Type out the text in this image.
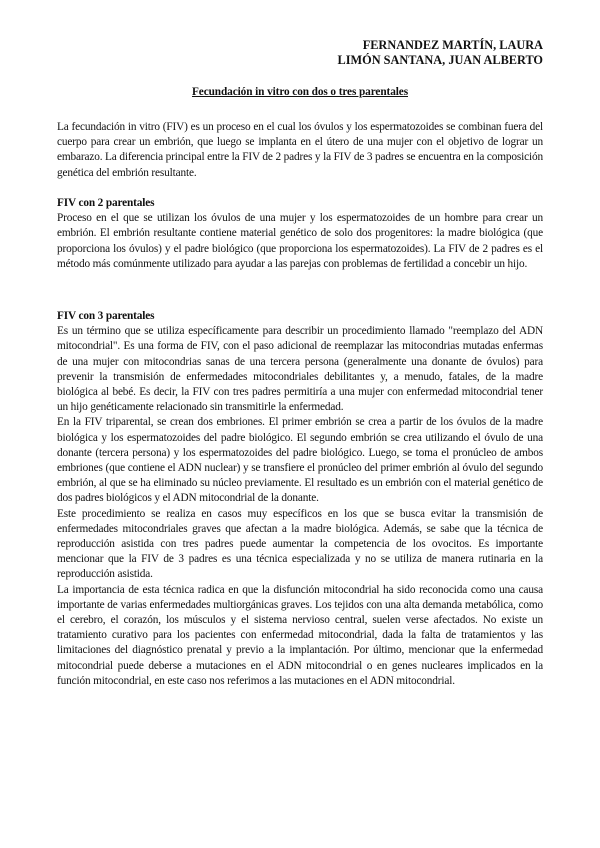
FERNANDEZ MARTÍN, LAURA
LIMÓN SANTANA, JUAN ALBERTO
Fecundación in vitro con dos o tres parentales

La fecundación in vitro (FIV) es un proceso en el cual los óvulos y los espermatozoides se combinan fuera del cuerpo para crear un embrión, que luego se implanta en el útero de una mujer con el objetivo de lograr un embarazo. La diferencia principal entre la FIV de 2 padres y la FIV de 3 padres se encuentra en la composición genética del embrión resultante.

FIV con 2 parentales

Proceso en el que se utilizan los óvulos de una mujer y los espermatozoides de un hombre para crear un embrión. El embrión resultante contiene material genético de solo dos progenitores: la madre biológica (que proporciona los óvulos) y el padre biológico (que proporciona los espermatozoides). La FIV de 2 padres es el método más comúnmente utilizado para ayudar a las parejas con problemas de fertilidad a concebir un hijo.

FIV con 3 parentales

Es un término que se utiliza específicamente para describir un procedimiento llamado "reemplazo del ADN mitocondrial". Es una forma de FIV, con el paso adicional de reemplazar las mitocondrias mutadas enfermas de una mujer con mitocondrias sanas de una tercera persona (generalmente una donante de óvulos) para prevenir la transmisión de enfermedades mitocondriales debilitantes y, a menudo, fatales, de la madre biológica al bebé. Es decir, la FIV con tres padres permitiría a una mujer con enfermedad mitocondrial tener un hijo genéticamente relacionado sin transmitirle la enfermedad.

En la FIV triparental, se crean dos embriones. El primer embrión se crea a partir de los óvulos de la madre biológica y los espermatozoides del padre biológico. El segundo embrión se crea utilizando el óvulo de una donante (tercera persona) y los espermatozoides del padre biológico. Luego, se toma el pronúcleo de ambos embriones (que contiene el ADN nuclear) y se transfiere el pronúcleo del primer embrión al óvulo del segundo embrión, al que se ha eliminado su núcleo previamente. El resultado es un embrión con el material genético de dos padres biológicos y el ADN mitocondrial de la donante.

Este procedimiento se realiza en casos muy específicos en los que se busca evitar la transmisión de enfermedades mitocondriales graves que afectan a la madre biológica. Además, se sabe que la técnica de reproducción asistida con tres padres puede aumentar la competencia de los ovocitos. Es importante mencionar que la FIV de 3 padres es una técnica especializada y no se utiliza de manera rutinaria en la reproducción asistida.

La importancia de esta técnica radica en que la disfunción mitocondrial ha sido reconocida como una causa importante de varias enfermedades multiorgánicas graves. Los tejidos con una alta demanda metabólica, como el cerebro, el corazón, los músculos y el sistema nervioso central, suelen verse afectados. No existe un tratamiento curativo para los pacientes con enfermedad mitocondrial, dada la falta de tratamientos y las limitaciones del diagnóstico prenatal y previo a la implantación. Por último, mencionar que la enfermedad mitocondrial puede deberse a mutaciones en el ADN mitocondrial o en genes nucleares implicados en la función mitocondrial, en este caso nos referimos a las mutaciones en el ADN mitocondrial.
